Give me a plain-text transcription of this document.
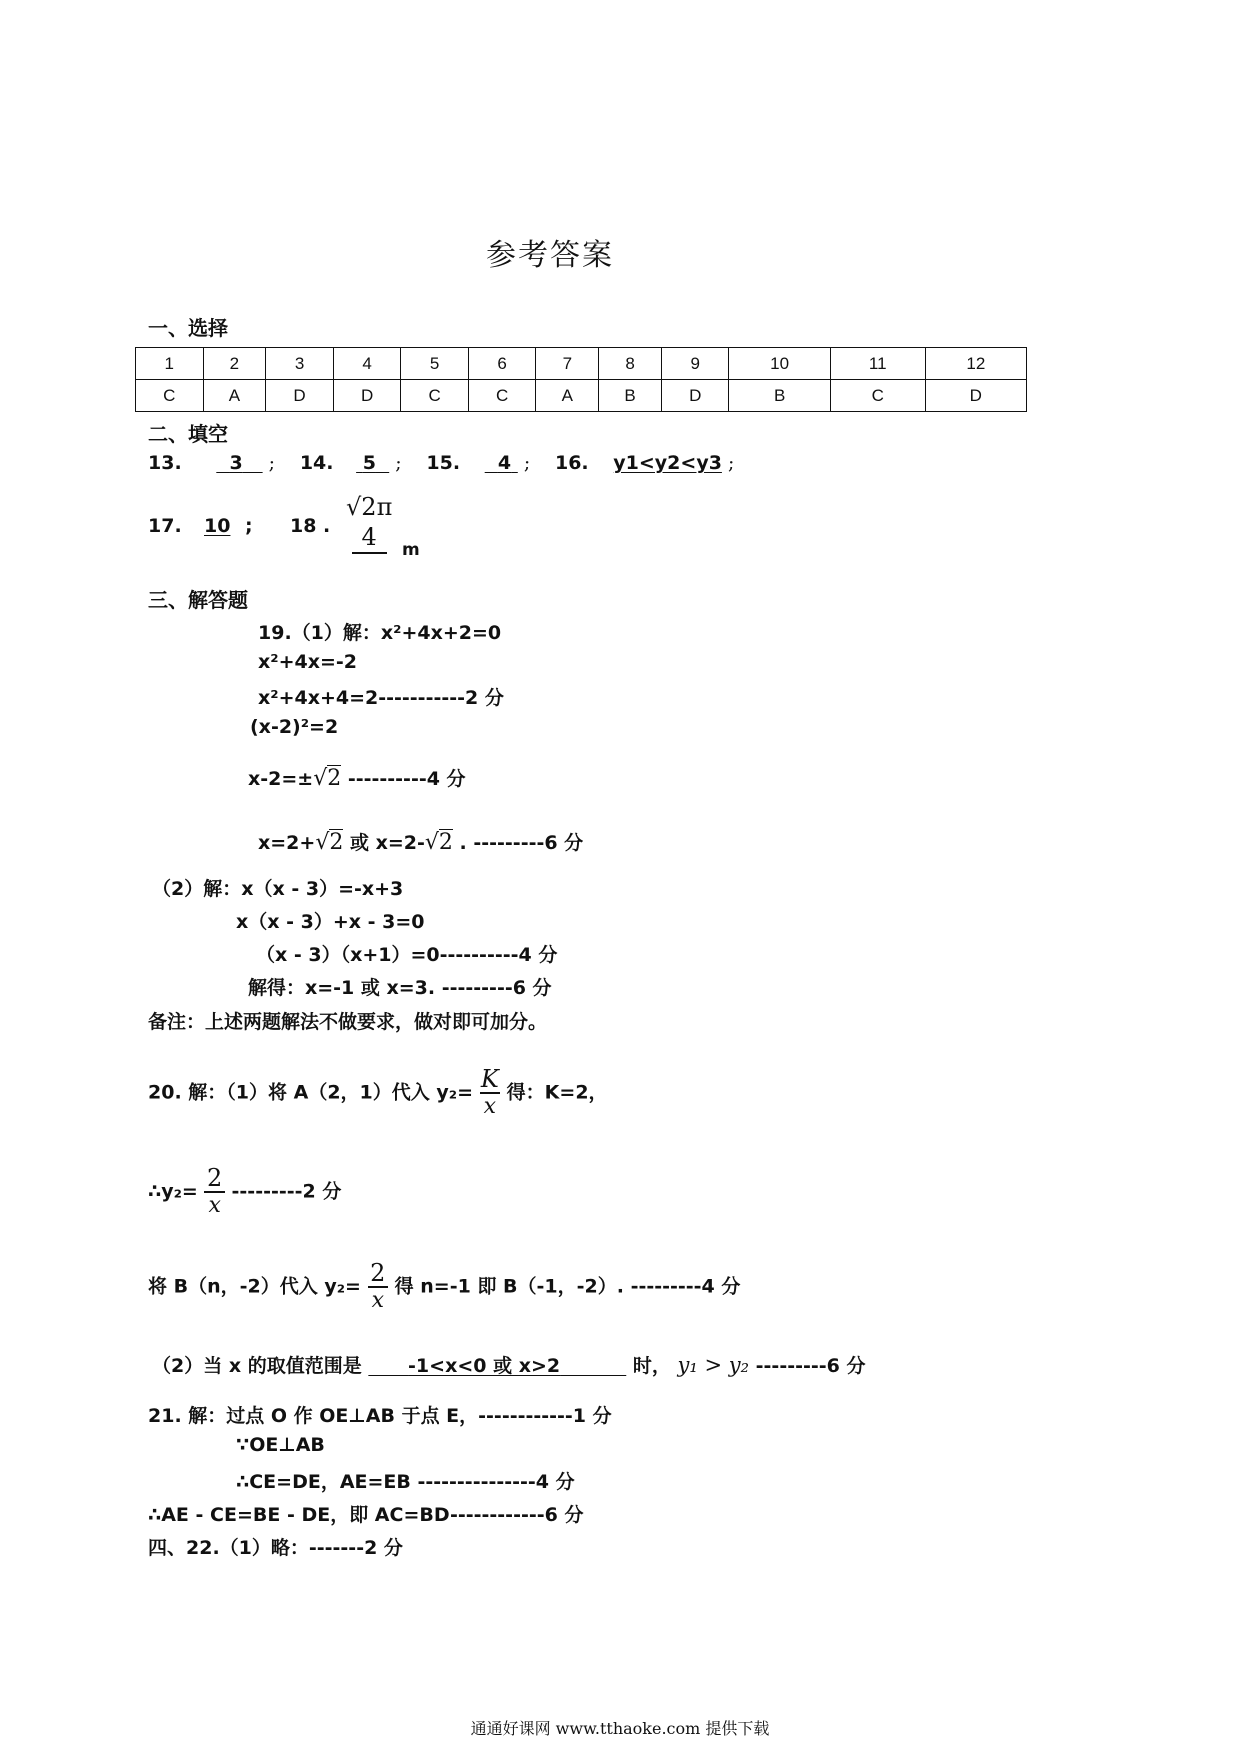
参考答案
一、选择
1	2	3	4	5	6	7	8	9	10	11	12
C	A	D	D	C	C	A	B	D	B	C	D
二、填空
13.	3    ;    14. 5   ;    15. 4  ;    16. y1<y2<y3 ;
17. 10 ; 18 .
√2π
4	m
三、解答题
19.（1）解：x²+4x+2=0
x²+4x=-2
x²+4x+4=2-----------2 分
(x-2)²=2
x-2=±√2 ----------4 分
x=2+√2 或 x=2-√2 . ---------6 分
（2）解：x（x - 3）=-x+3
x（x - 3）+x - 3=0
（x - 3）（x+1）=0----------4 分
解得：x=-1 或 x=3. ---------6 分
备注：上述两题解法不做要求，做对即可加分。
20. 解：（1）将 A（2，1）代入 $y_2= \frac{K}{x}$ 得：K=2，
∴y₂= $\frac{2}{x} ---------2$ 分
将 B（n，-2）代入 $y_2= \frac{2}{x}$ 得 n=-1 即 B（-1，-2）. ---------4 分
（2）当 x 的取值范围是 -1<x<0 或 x>2	时， y₁ > y₂ ---------6 分
21. 解：过点 O 作 OE⊥AB 于点 E，------------1 分
∵OE⊥AB
∴CE=DE，AE=EB ---------------4 分
∴AE - CE=BE - DE，即 AC=BD------------6 分
四、22.（1）略：-------2 分
通通好课网 www.tthaoke.com 提供下载
